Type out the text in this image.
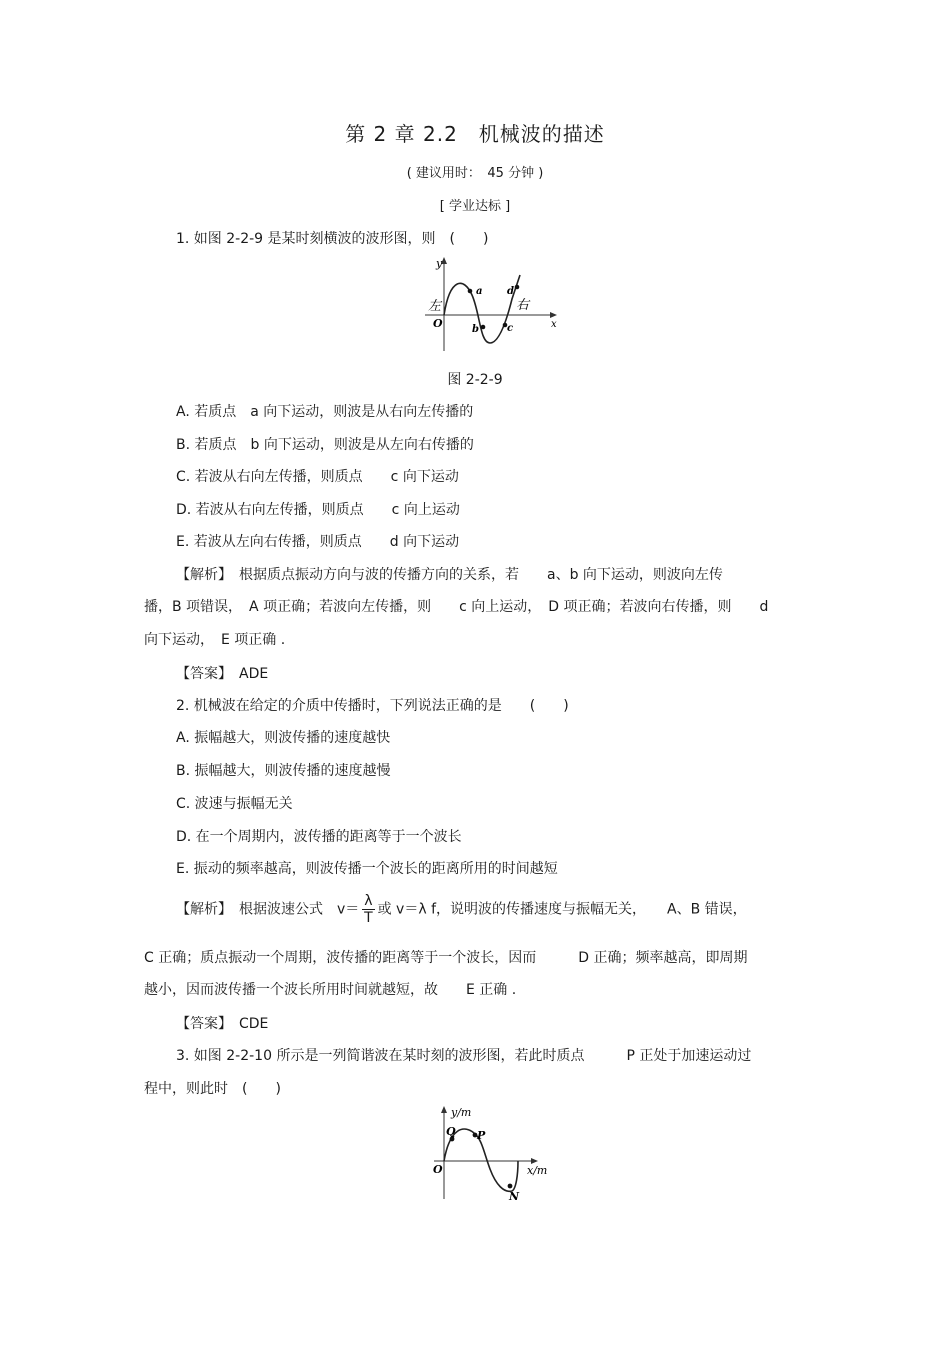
第 2 章 2.2　机械波的描述
( 建议用时：　45 分钟 )
[ 学业达标 ]
1. 如图 2-2-9 是某时刻横波的波形图，则　(　　)
y
x
O
左	右
a
b	c
d
图 2-2-9
A. 若质点　a 向下运动，则波是从右向左传播的
B. 若质点　b 向下运动，则波是从左向右传播的
C. 若波从右向左传播，则质点　　c 向下运动
D. 若波从右向左传播，则质点　　c 向上运动
E. 若波从左向右传播，则质点　　d 向下运动
【解析】　根据质点振动方向与波的传播方向的关系，若　　a、b 向下运动，则波向左传
播，B 项错误，　A 项正确；若波向左传播，则　　c 向上运动，　D 项正确；若波向右传播，则　　d
向下运动，　E 项正确 .
【答案】　ADE
2. 机械波在给定的介质中传播时，下列说法正确的是　　(　　)
A. 振幅越大，则波传播的速度越快
B. 振幅越大，则波传播的速度越慢
C. 波速与振幅无关
D. 在一个周期内，波传播的距离等于一个波长
E. 振动的频率越高，则波传播一个波长的距离所用的时间越短
【解析】　根据波速公式　$v= \frac{\lambda}{T}$ 或 v＝λ f，说明波的传播速度与振幅无关，　　A、B 错误，
C 正确；质点振动一个周期，波传播的距离等于一个波长，因而　　　D 正确；频率越高，即周期
越小，因而波传播一个波长所用时间就越短，故　　E 正确 .
【答案】　CDE
3. 如图 2-2-10 所示是一列简谐波在某时刻的波形图，若此时质点　　　P 正处于加速运动过
程中，则此时　(　　)
y/m
x/m
O
Q P
N
